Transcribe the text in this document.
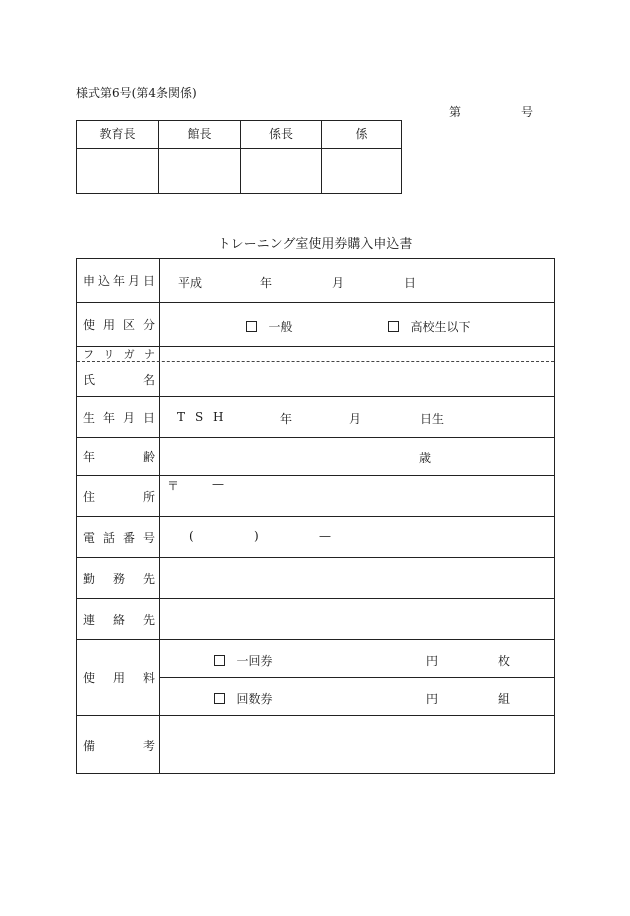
様式第6号(第4条関係)
第	号
教育長	館長	係長	係
トレーニング室使用券購入申込書
申 込 年 月 日 平成	年	月	日
使 用 区 分	一般	高校生以下
フ リ ガ ナ
氏	名
生 年 月 日 T S H	年	月	日生
年	齢	歳
住	所
〒	—
電 話 番 号	(	)	—
勤 務 先
連 絡 先
使 用 料
一回券	円	枚
回数券	円	組
備	考
